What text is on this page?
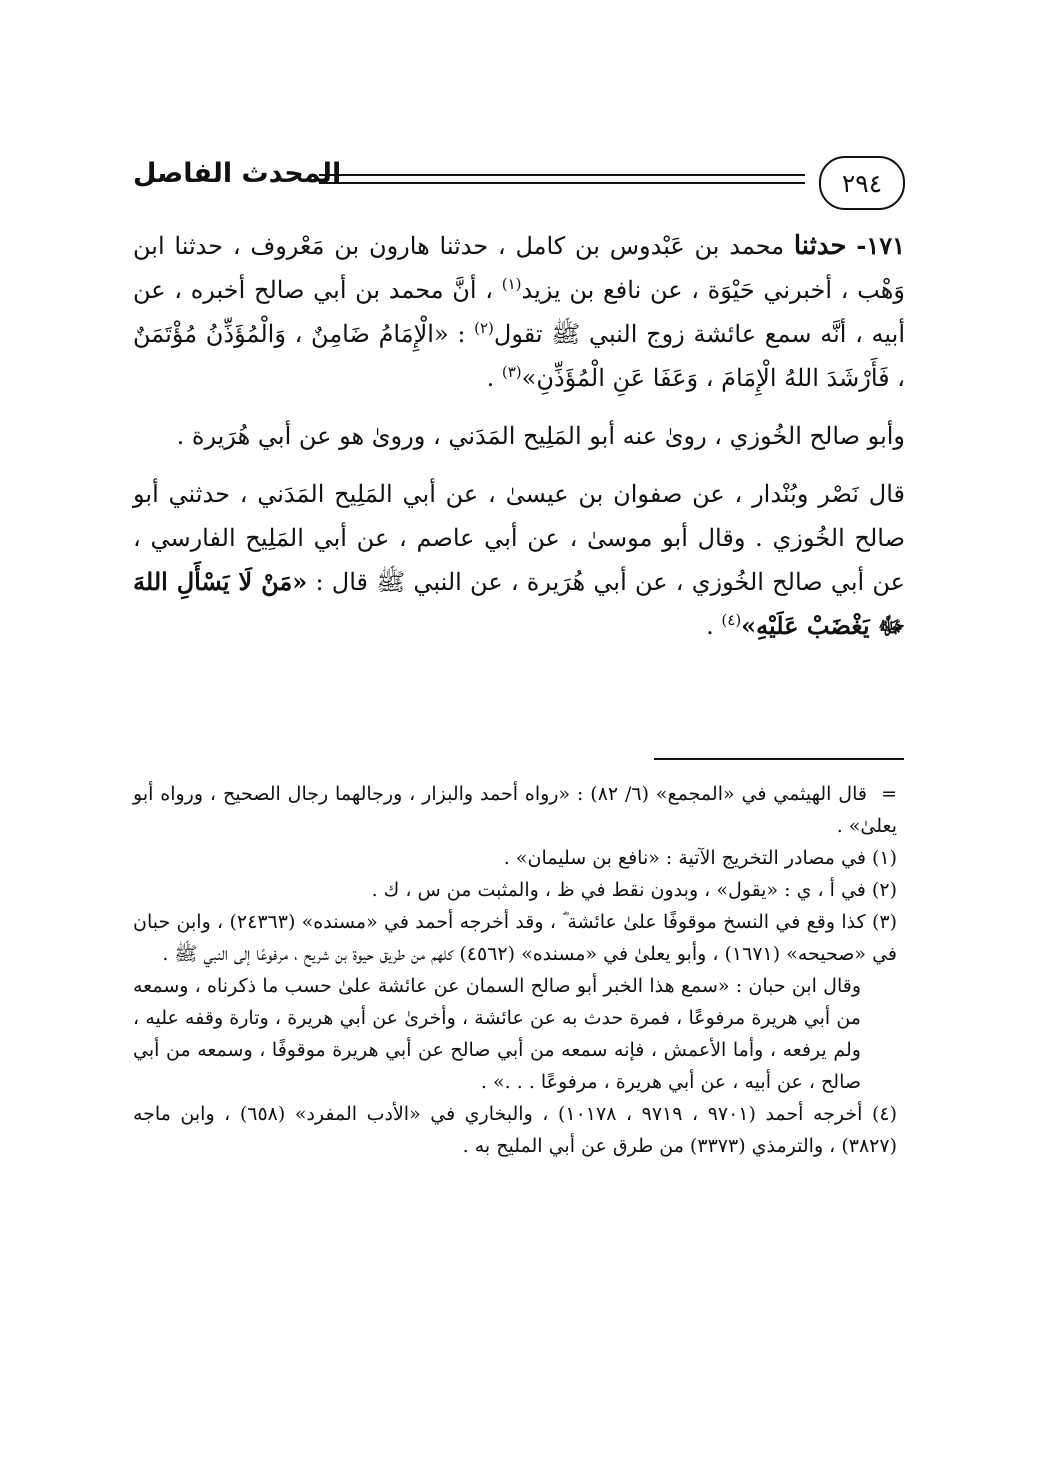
٢٩٤
المحدث الفاصل

١٧١- حدثنا محمد بن عَبْدوس بن كامل ، حدثنا هارون بن مَعْروف ، حدثنا ابن وَهْب ، أخبرني حَيْوَة ، عن نافع بن يزيد$^{(١)}$ ، أنَّ محمد بن أبي صالح أخبره ، عن أبيه ، أنَّه سمع عائشة زوج النبي ﷺ تقول$^{(٢)}$ : «الْإِمَامُ ضَامِنٌ ، وَالْمُؤَذِّنُ مُؤْتَمَنٌ ، فَأَرْشَدَ اللهُ الْإِمَامَ ، وَعَفَا عَنِ الْمُؤَذِّنِ»$^{(٣)}$ .

وأبو صالح الخُوزي ، روىٰ عنه أبو المَلِيح المَدَني ، وروىٰ هو عن أبي هُرَيرة .

قال نَصْر وبُنْدار ، عن صفوان بن عيسىٰ ، عن أبي المَلِيح المَدَني ، حدثني أبو صالح الخُوزي . وقال أبو موسىٰ ، عن أبي عاصم ، عن أبي المَلِيح الفارسي ، عن أبي صالح الخُوزي ، عن أبي هُرَيرة ، عن النبي ﷺ قال : «مَنْ لَا يَسْأَلِ اللهَ ﷻ يَغْضَبْ عَلَيْهِ»$^{(٤)}$ .

=قال الهيثمي في «المجمع» (٦/ ٨٢) : «رواه أحمد والبزار ، ورجالهما رجال الصحيح ، ورواه أبو يعلىٰ» .

(١) في مصادر التخريج الآتية : «نافع بن سليمان» .

(٢) في أ ، ي : «يقول» ، وبدون نقط في ظ ، والمثبت من س ، ك .

(٣) كذا وقع في النسخ موقوفًا علىٰ عائشة ؓ ، وقد أخرجه أحمد في «مسنده» (٢٤٣٦٣) ، وابن حبان في «صحيحه» (١٦٧١) ، وأبو يعلىٰ في «مسنده» (٤٥٦٢) كلهم من طريق حيوة بن شريح ، مرفوعًا إلى النبي ﷺ .

وقال ابن حبان : «سمع هذا الخبر أبو صالح السمان عن عائشة علىٰ حسب ما ذكرناه ، وسمعه من أبي هريرة مرفوعًا ، فمرة حدث به عن عائشة ، وأخرىٰ عن أبي هريرة ، وتارة وقفه عليه ، ولم يرفعه ، وأما الأعمش ، فإنه سمعه من أبي صالح عن أبي هريرة موقوفًا ، وسمعه من أبي صالح ، عن أبيه ، عن أبي هريرة ، مرفوعًا . . .» .

(٤) أخرجه أحمد (٩٧٠١ ، ٩٧١٩ ، ١٠١٧٨) ، والبخاري في «الأدب المفرد» (٦٥٨) ، وابن ماجه (٣٨٢٧) ، والترمذي (٣٣٧٣) من طرق عن أبي المليح به .
